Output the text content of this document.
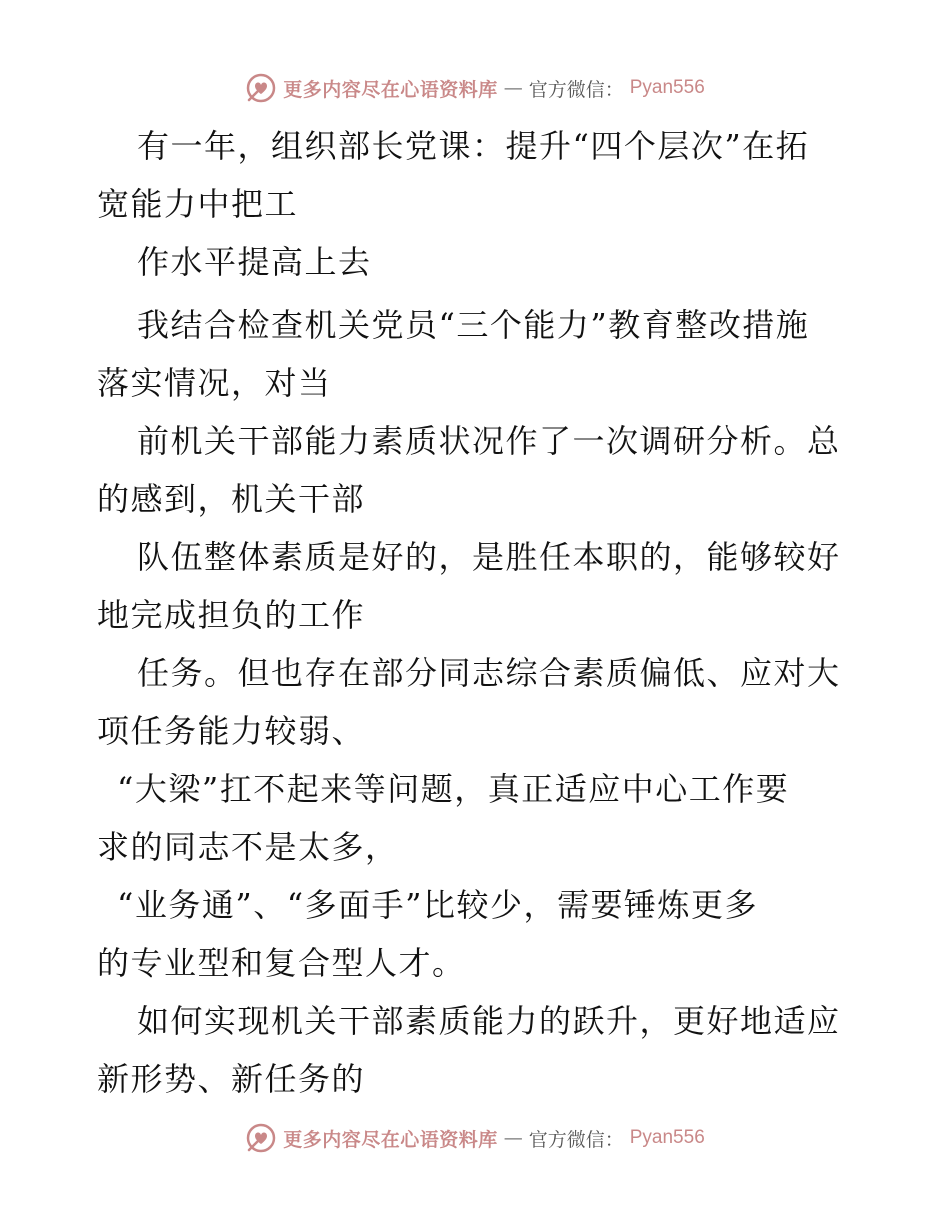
更多内容尽在心语资料库 — 官方微信： Pyan556
有一年，组织部长党课：提升“四个层次”在拓
宽能力中把工
作水平提高上去
我结合检查机关党员“三个能力”教育整改措施
落实情况，对当
前机关干部能力素质状况作了一次调研分析。总
的感到，机关干部
队伍整体素质是好的，是胜任本职的，能够较好
地完成担负的工作
任务。但也存在部分同志综合素质偏低、应对大
项任务能力较弱、
“大梁”扛不起来等问题，真正适应中心工作要
求的同志不是太多，
“业务通”、“多面手”比较少，需要锤炼更多
的专业型和复合型人才。
如何实现机关干部素质能力的跃升，更好地适应
新形势、新任务的
更多内容尽在心语资料库 — 官方微信： Pyan556
